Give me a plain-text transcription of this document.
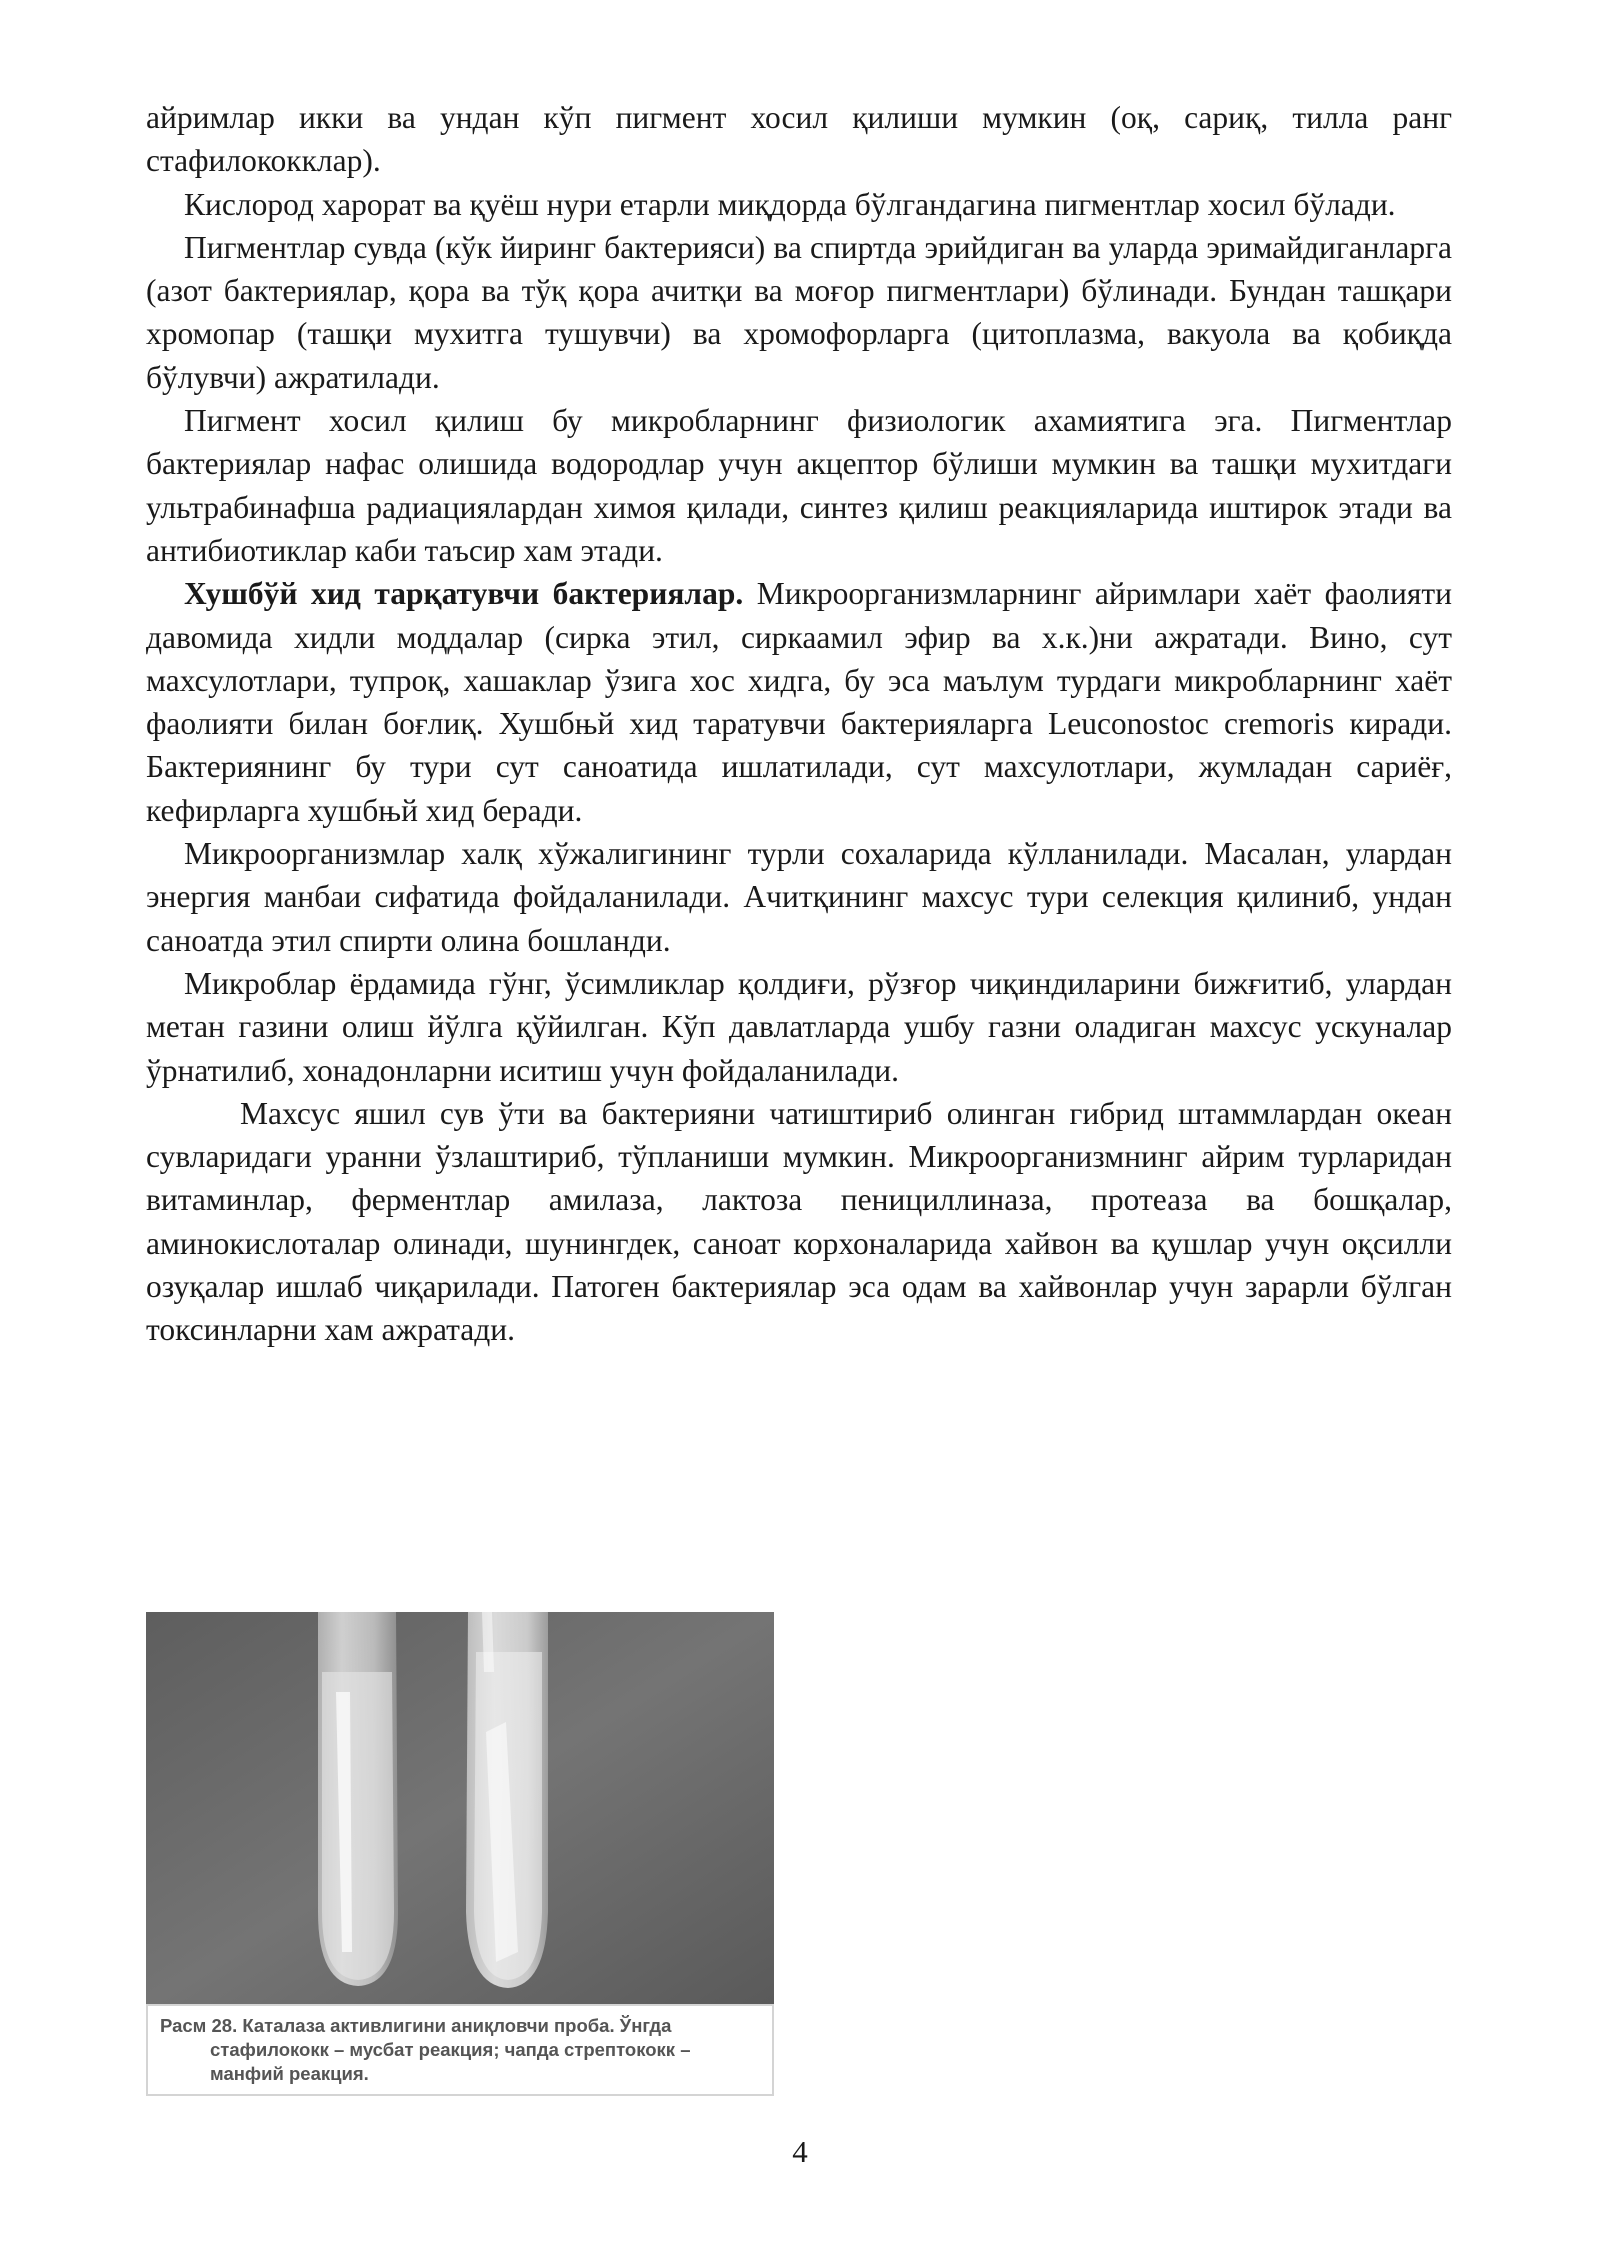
айримлар икки ва ундан кўп пигмент хосил қилиши мумкин (оқ, сариқ, тилла ранг стафилококклар).

Кислород харорат ва қуёш нури етарли миқдорда бўлгандагина пигментлар хосил бўлади.

Пигментлар сувда (кўк йиринг бактерияси) ва спиртда эрийдиган ва уларда эримайдиганларга (азот бактериялар, қора ва тўқ қора ачитқи ва моғор пигментлари) бўлинади. Бундан ташқари хромопар (ташқи мухитга тушувчи) ва хромофорларга (цитоплазма, вакуола ва қобиқда бўлувчи) ажратилади.

Пигмент хосил қилиш бу микробларнинг физиологик ахамиятига эга. Пигментлар бактериялар нафас олишида водородлар учун акцептор бўлиши мумкин ва ташқи мухитдаги ультрабинафша радиациялардан химоя қилади, синтез қилиш реакцияларида иштирок этади ва антибиотиклар каби таъсир хам этади.

Хушбўй хид тарқатувчи бактериялар. Микроорганизмларнинг айримлари хаёт фаолияти давомида хидли моддалар (сирка этил, сиркаамил эфир ва х.к.)ни ажратади. Вино, сут махсулотлари, тупроқ, хашаклар ўзига хос хидга, бу эса маълум турдаги микробларнинг хаёт фаолияти билан боғлиқ. Хушбњй хид таратувчи бактерияларга Leuconostoc cremoris киради. Бактериянинг бу тури сут саноатида ишлатилади, сут махсулотлари, жумладан сариёғ, кефирларга хушбњй хид беради.

Микроорганизмлар халқ хўжалигининг турли сохаларида кўлланилади. Масалан, улардан энергия манбаи сифатида фойдаланилади. Ачитқининг махсус тури селекция қилиниб, ундан саноатда этил спирти олина бошланди.

Микроблар ёрдамида гўнг, ўсимликлар қолдиғи, рўзғор чиқиндиларини бижғитиб, улардан метан газини олиш йўлга қўйилган. Кўп давлатларда ушбу газни оладиган махсус ускуналар ўрнатилиб, хонадонларни иситиш учун фойдаланилади.

Махсус яшил сув ўти ва бактерияни чатиштириб олинган гибрид штаммлардан океан сувларидаги уранни ўзлаштириб, тўпланиши мумкин. Микроорганизмнинг айрим турларидан витаминлар, ферментлар амилаза, лактоза пенициллиназа, протеаза ва бошқалар, аминокислоталар олинади, шунингдек, саноат корхоналарида хайвон ва қушлар учун оқсилли озуқалар ишлаб чиқарилади. Патоген бактериялар эса одам ва хайвонлар учун зарарли бўлган токсинларни хам ажратади.

Расм 28. Каталаза активлигини аниқловчи проба. Ўнгда стафилококк – мусбат реакция; чапда стрептококк – манфий реакция.
4
